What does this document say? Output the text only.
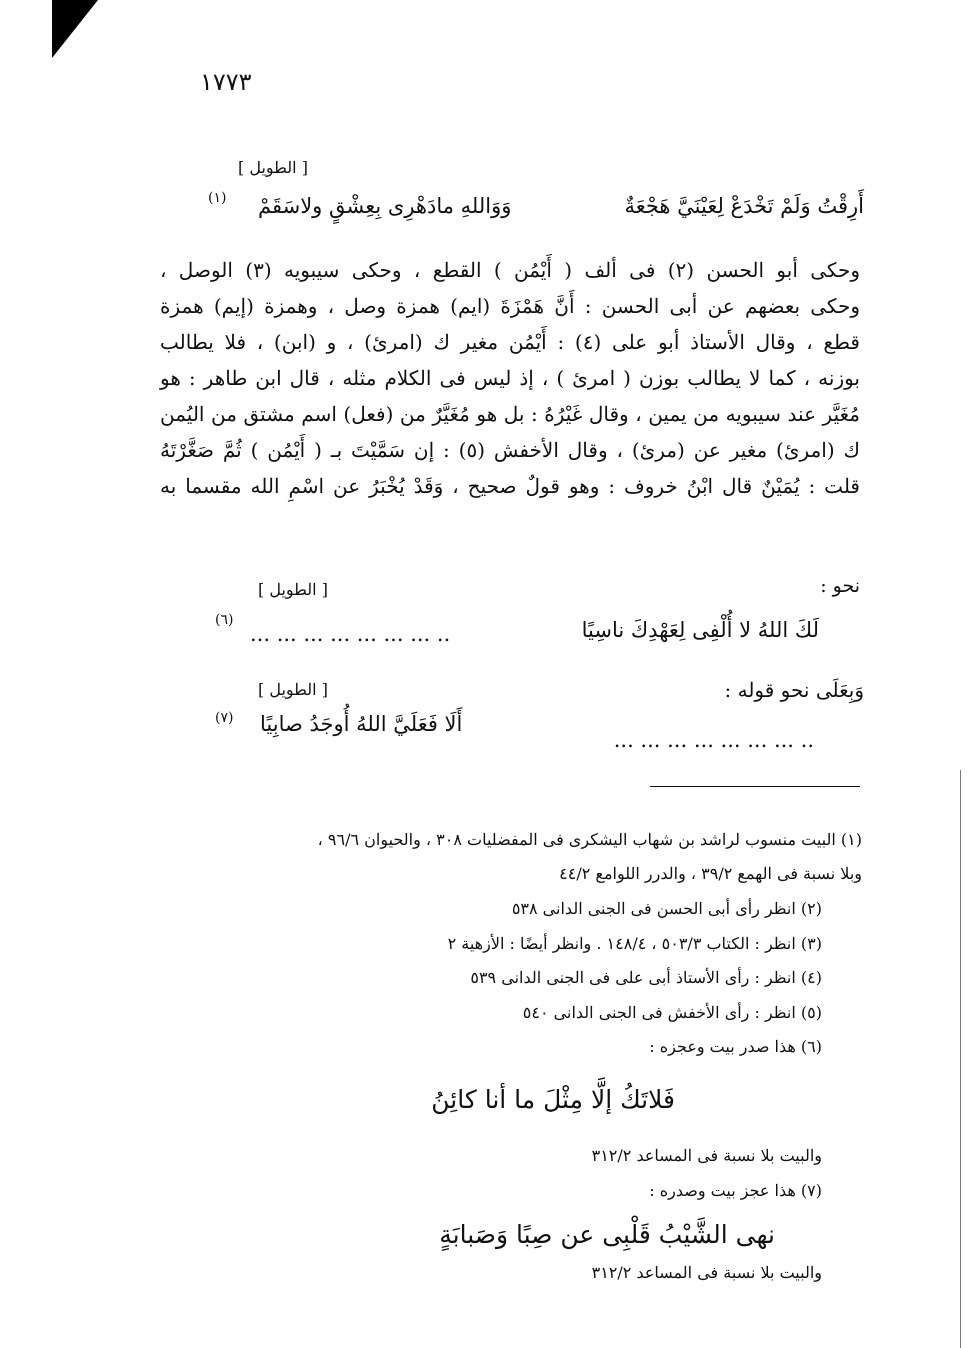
١٧٧٣
[ الطويل ]
أَرِقْتُ وَلَمْ تَخْدَعْ لِعَيْنَيَّ هَجْعَةٌ
وَوَاللهِ مادَهْرِى بِعِشْقٍ ولاسَقَمْ
(١)
وحكى أبو الحسن (٢) فى ألف ( أَيْمُن ) القطع ، وحكى سيبويه (٣) الوصل ،
وحكى بعضهم عن أبى الحسن : أَنَّ هَمْزَةَ (ايم) همزة وصل ، وهمزة (إيم) همزة
قطع ، وقال الأستاذ أبو على (٤) : أَيْمُن مغير ك (امرئ) ، و (ابن) ، فلا يطالب
بوزنه ، كما لا يطالب بوزن ( امرئ ) ، إذ ليس فى الكلام مثله ، قال ابن طاهر : هو
مُغَيَّر عند سيبويه من يمين ، وقال غَيْرُهُ : بل هو مُغَيَّرٌ من (فعل) اسم مشتق من اليُمن
ك (امرئ) مغير عن (مرئ) ، وقال الأخفش (٥) : إن سَمَّيْتَ بـ ( أَيْمُن ) ثُمَّ صَغَّرْتَهُ
قلت : يُمَيْنٌ قال ابْنُ خروف : وهو قولٌ صحيح ، وَقَدْ يُخْبَرُ عن اسْمِ الله مقسما به
نحو :
[ الطويل ]
لَكَ اللهُ لا أُلْفِى لِعَهْدِكَ ناسِيًا
... ... ... ... ... ... ... ..
(٦)
وَبِعَلَى نحو قوله :
[ الطويل ]
... ... ... ... ... ... ... ..
أَلَا فَعَلَيَّ اللهُ أُوجَدُ صابِيًا
(٧)
(١) البيت منسوب لراشد بن شهاب اليشكرى فى المفضليات ٣٠٨ ، والحيوان ٩٦/٦ ،
وبلا نسبة فى الهمع ٣٩/٢ ، والدرر اللوامع ٤٤/٢
(٢) انظر رأى أبى الحسن فى الجنى الدانى ٥٣٨
(٣) انظر : الكتاب ٥٠٣/٣ ، ١٤٨/٤ . وانظر أيضًا : الأزهية ٢
(٤) انظر : رأى الأستاذ أبى على فى الجنى الدانى ٥٣٩
(٥) انظر : رأى الأخفش فى الجنى الدانى ٥٤٠
(٦) هذا صدر بيت وعجزه :
فَلاتَكُ إلَّا مِثْلَ ما أنا كائِنُ
والبيت بلا نسبة فى المساعد ٣١٢/٢
(٧) هذا عجز بيت وصدره :
نهى الشَّيْبُ قَلْبِى عن صِبًا وَصَبابَةٍ
والبيت بلا نسبة فى المساعد ٣١٢/٢
